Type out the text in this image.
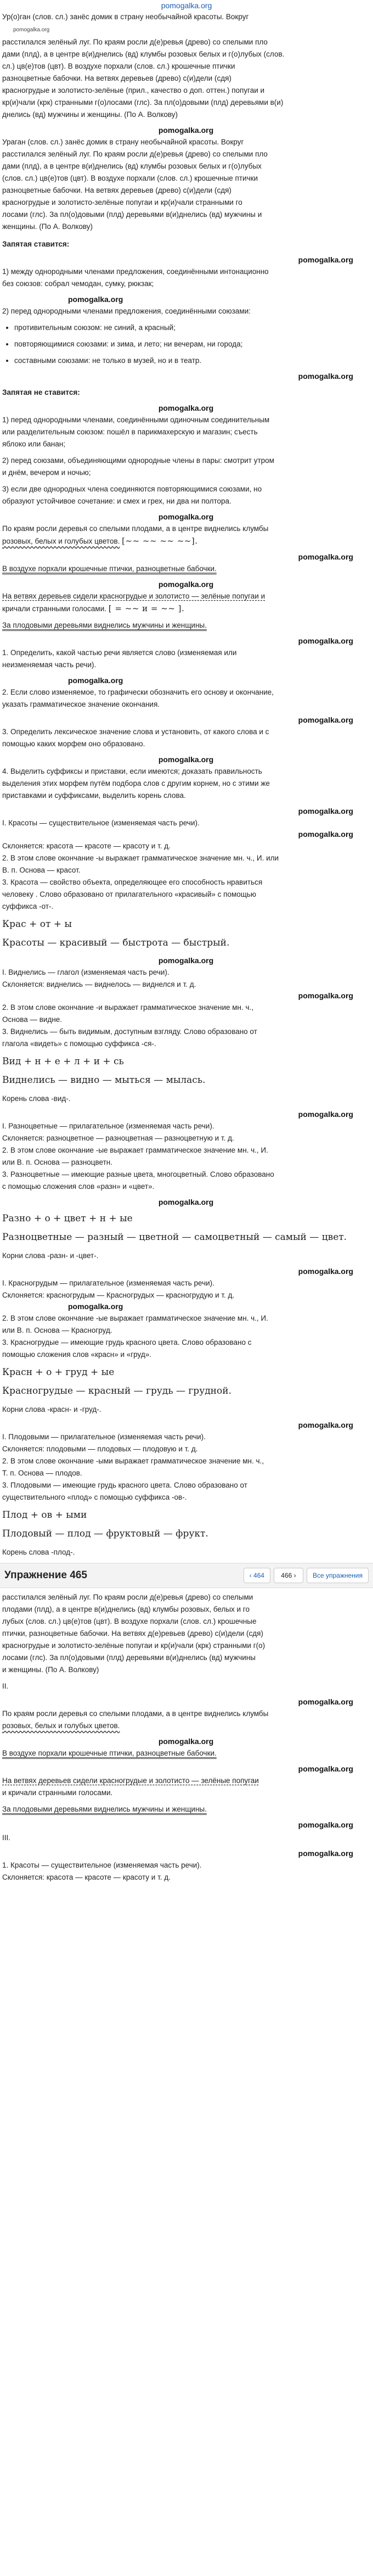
pomogalka.org

Ур(о)ган (слов. сл.) занёс домик в страну необычайной красоты. Вокруг
pomogalka.org
расстилался зелёный луг. По краям росли д(е)ревья (древо) со спелыми пло
дами (плд), а в центре в(и)днелись (вд) клумбы розовых белых и г(о)лубых (слов.
сл.) цв(е)тов (цвт). В воздухе порхали (слов. сл.) крошечные птички
разноцветные бабочки. На ветвях деревьев (древо) с(и)дели (сдя)
красногрудые и золотисто-зелёные (прил., качество о доп. оттен.) попугаи и
кр(и)чали (крк) странными г(о)лосами (глс). За пл(о)довыми (плд) деревьями в(и)
днелись (вд) мужчины и женщины. (По А. Волкову)

pomogalka.org

Ураган (слов. сл.) занёс домик в страну необычайной красоты. Вокруг
расстилался зелёный луг. По краям росли д(е)ревья (древо) со спелыми пло
дами (плд), а в центре в(и)днелись (вд) клумбы розовых белых и г(о)лубых
(слов. сл.) цв(е)тов (цвт). В воздухе порхали (слов. сл.) крошечные птички
разноцветные бабочки. На ветвях деревьев (древо) с(и)дели (сдя)
красногрудые и золотисто-зелёные попугаи и кр(и)чали странными го
лосами (глс). За пл(о)довыми (плд) деревьями в(и)днелись (вд) мужчины и
женщины. (По А. Волкову)

Запятая ставится:
pomogalka.org

1) между однородными членами предложения, соединёнными интонационно
без союзов: собрал чемодан, сумку, рюкзак;

pomogalka.org

2) перед однородными членами предложения, соединёнными союзами:

• противительным союзом: не синий, а красный;
• повторяющимися союзами: и зима, и лето; ни вечерам, ни города;
• составными союзами: не только в музей, но и в театр.
pomogalka.org
Запятая не ставится:
pomogalka.org

1) перед однородными членами, соединёнными одиночным соединительным
или разделительным союзом: пошёл в парикмахерскую и магазин; съесть
яблоко или банан;

2) перед союзами, объединяющими однородные члены в пары: смотрит утром
и днём, вечером и ночью;

3) если две однородных члена соединяются повторяющимися союзами, но
образуют устойчивое сочетание: и смех и грех, ни два ни полтора.

pomogalka.org

По краям росли деревья со спелыми плодами, а в центре виднелись клумбы
розовых, белых и голубых цветов. [~~ ~~ ~~ ~~].

pomogalka.org

В воздухе порхали крошечные птички, разноцветные бабочки.

pomogalka.org

На ветвях деревьев сидели красногрудые и золотисто — зелёные попугаи и
кричали странными голосами. [ = ~~ и = ~~ ].

За плодовыми деревьями виднелись мужчины и женщины.

pomogalka.org

1. Определить, какой частью речи является слово (изменяемая или
неизменяемая часть речи).

pomogalka.org

2. Если слово изменяемое, то графически обозначить его основу и окончание,
указать грамматическое значение окончания.

pomogalka.org

3. Определить лексическое значение слова и установить, от какого слова и с
помощью каких морфем оно образовано.

pomogalka.org

4. Выделить суффиксы и приставки, если имеются; доказать правильность
выделения этих морфем путём подбора слов с другим корнем, но с этими же
приставками и суффиксами, выделить корень слова.

pomogalka.org

I. Красоты — существительное (изменяемая часть речи).

pomogalka.org
Склоняется: красота — красоте — красоту и т. д.
2. В этом слове окончание -ы выражает грамматическое значение мн. ч., И. или
В. п. Основа — красот.
3. Красота — свойство объекта, определяющее его способность нравиться
человеку . Слово образовано от прилагательного «красивый» с помощью
суффикса -от-.

Крас + от + ы
Красоты — красивый — быстрота — быстрый.
pomogalka.org

I. Виднелись — глагол (изменяемая часть речи).
Склоняется: виднелись — виднелось — виднелся и т. д.

pomogalka.org
2. В этом слове окончание -и выражает грамматическое значение мн. ч.,
Основа — видне.
3. Виднелись — быть видимым, доступным взгляду. Слово образовано от
глагола «видеть» с помощью суффикса -ся-.

Вид + н + е + л + и + сь
Виднелись — видно — мыться — мылась.

Корень слова -вид-.

pomogalka.org

I. Разноцветные — прилагательное (изменяемая часть речи).
Склоняется: разноцветное — разноцветная — разноцветную и т. д.
2. В этом слове окончание -ые выражает грамматическое значение мн. ч., И.
или В. п. Основа — разноцветн.
3. Разноцветные — имеющие разные цвета, многоцветный. Слово образовано
с помощью сложения слов «разн» и «цвет».

pomogalka.org
Разно + о + цвет + н + ые
Разноцветные — разный — цветной — самоцветный — самый — цвет.

Корни слова -разн- и -цвет-.

pomogalka.org

I. Красногрудым — прилагательное (изменяемая часть речи).
Склоняется: красногрудым — Красногрудых — красногрудую и т. д.

pomogalka.org
2. В этом слове окончание -ые выражает грамматическое значение мн. ч., И.
или В. п. Основа — Красногруд.
3. Красногрудые — имеющие грудь красного цвета. Слово образовано с
помощью сложения слов «красн» и «груд».

Красн + о + груд + ые
Красногрудые — красный — грудь — грудной.

Корни слова -красн- и -груд-.

pomogalka.org

I. Плодовыми — прилагательное (изменяемая часть речи).
Склоняется: плодовыми — плодовых — плодовую и т. д.
2. В этом слове окончание -ыми выражает грамматическое значение мн. ч.,
Т. п. Основа — плодов.
3. Плодовыми — имеющие грудь красного цвета. Слово образовано от
существительного «плод» с помощью суффикса -ов-.

Плод + ов + ыми
Плодовый — плод — фруктовый — фрукт.

Корень слова -плод-.

Упражнение 465	‹ 464	466 ›	Все упражнения

расстилался зелёный луг. По краям росли д(е)ревья (древо) со спелыми
плодами (плд), а в центре в(и)днелись (вд) клумбы розовых, белых и го
лубых (слов. сл.) цв(е)тов (цвт). В воздухе порхали (слов. сл.) крошечные
птички, разноцветные бабочки. На ветвях д(е)ревьев (древо) с(и)дели (сдя)
красногрудые и золотисто-зелёные попугаи и кр(и)чали (крк) странными г(о)
лосами (глс). За пл(о)довыми (плд) деревьями в(и)днелись (вд) мужчины
и женщины. (По А. Волкову)

II.
pomogalka.org

По краям росли деревья со спелыми плодами, а в центре виднелись клумбы
розовых, белых и голубых цветов.

pomogalka.org

В воздухе порхали крошечные птички, разноцветные бабочки.

pomogalka.org

На ветвях деревьев сидели красногрудые и золотисто — зелёные попугаи
и кричали странными голосами.

За плодовыми деревьями виднелись мужчины и женщины.

pomogalka.org
III.
pomogalka.org

1. Красоты — существительное (изменяемая часть речи).
Склоняется: красота — красоте — красоту и т. д.
